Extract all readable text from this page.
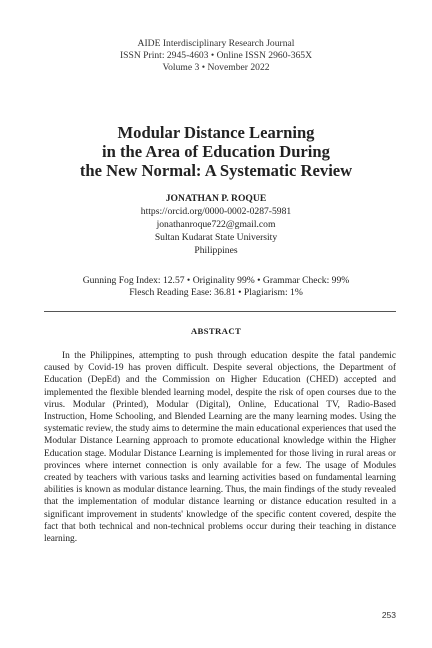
AIDE Interdisciplinary Research Journal
ISSN Print: 2945-4603 • Online ISSN 2960-365X
Volume 3 • November 2022
Modular Distance Learning
in the Area of Education During
the New Normal: A Systematic Review
JONATHAN P. ROQUE
https://orcid.org/0000-0002-0287-5981
jonathanroque722@gmail.com
Sultan Kudarat State University
Philippines
Gunning Fog Index: 12.57 • Originality 99% • Grammar Check: 99%
Flesch Reading Ease: 36.81 • Plagiarism: 1%
ABSTRACT

In the Philippines, attempting to push through education despite the fatal pandemic caused by Covid-19 has proven difficult. Despite several objections, the Department of Education (DepEd) and the Commission on Higher Education (CHED) accepted and implemented the flexible blended learning model, despite the risk of open courses due to the virus. Modular (Printed), Modular (Digital), Online, Educational TV, Radio-Based Instruction, Home Schooling, and Blended Learning are the many learning modes. Using the systematic review, the study aims to determine the main educational experiences that used the Modular Distance Learning approach to promote educational knowledge within the Higher Education stage. Modular Distance Learning is implemented for those living in rural areas or provinces where internet connection is only available for a few. The usage of Modules created by teachers with various tasks and learning activities based on fundamental learning abilities is known as modular distance learning. Thus, the main findings of the study revealed that the implementation of modular distance learning or distance education resulted in a significant improvement in students' knowledge of the specific content covered, despite the fact that both technical and non-technical problems occur during their teaching in distance learning.

253
